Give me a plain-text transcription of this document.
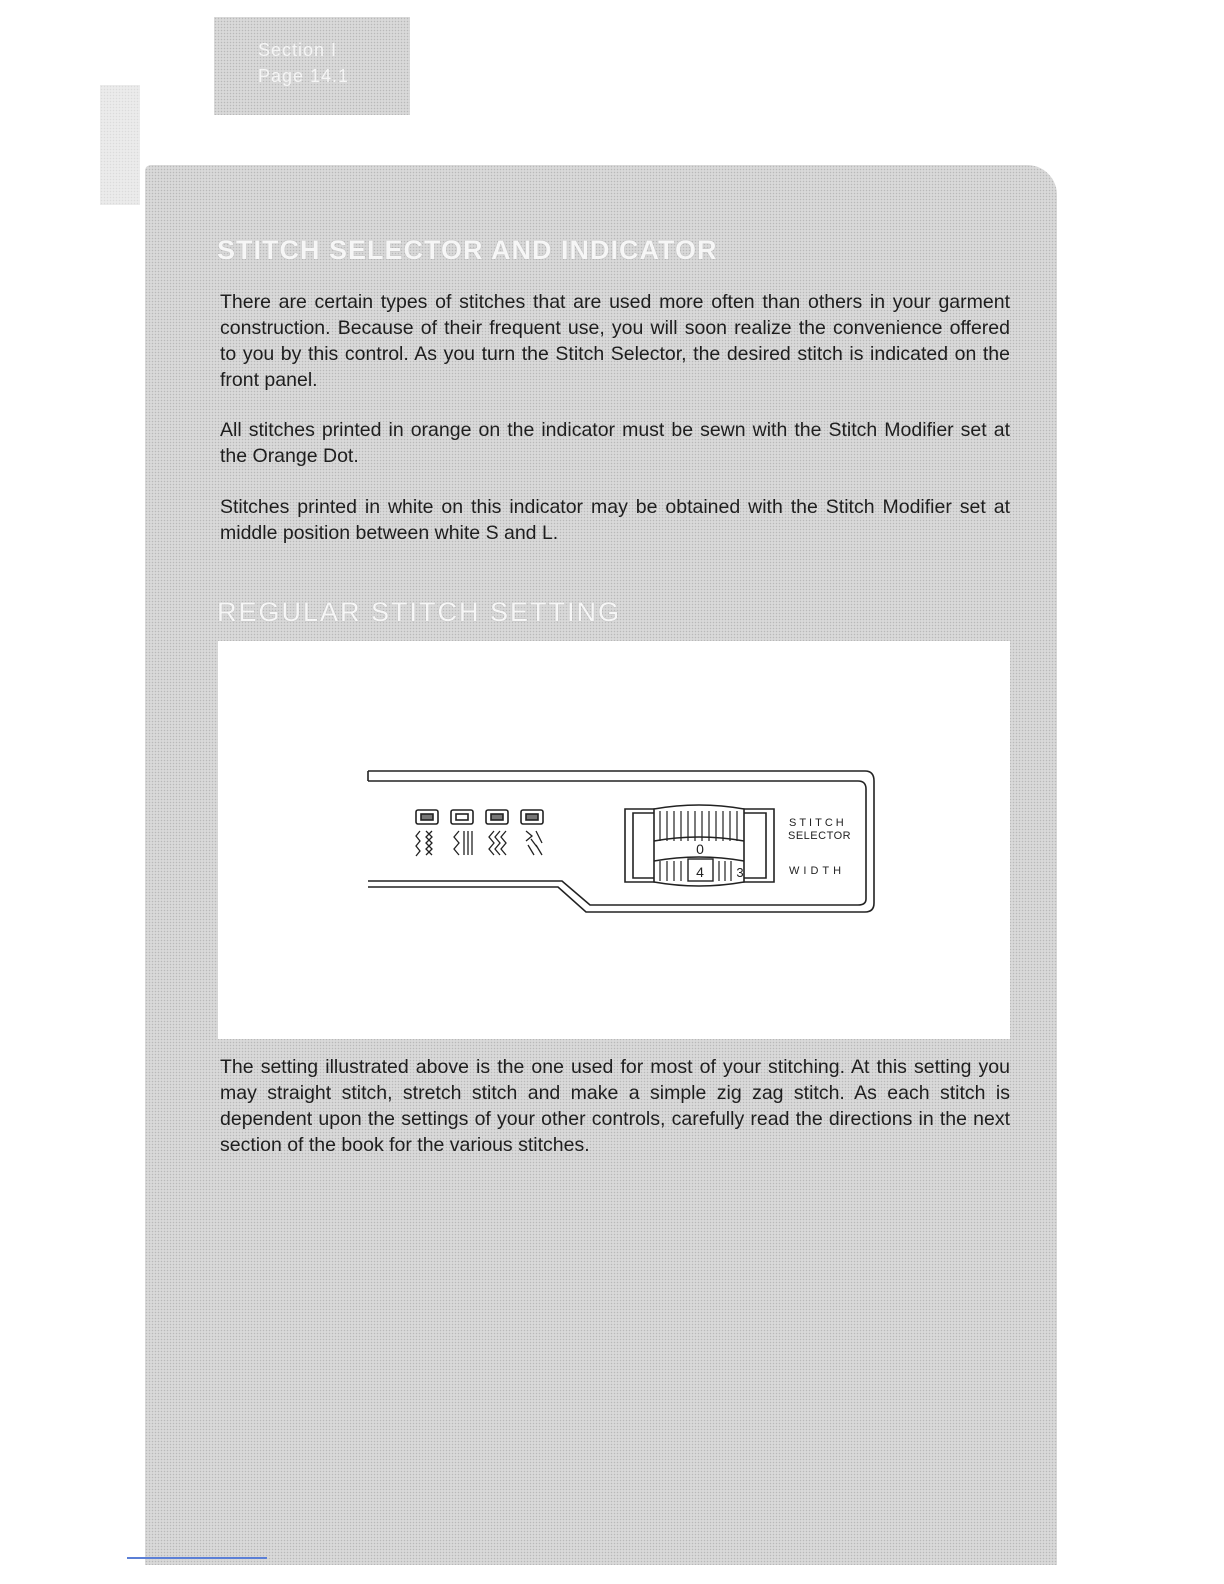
Section I
Page 14.1
STITCH SELECTOR AND INDICATOR

There are certain types of stitches that are used more often than others in your garment construction. Because of their frequent use, you will soon realize the convenience offered to you by this control. As you turn the Stitch Selector, the desired stitch is indicated on the front panel.

All stitches printed in orange on the indicator must be sewn with the Stitch Modifier set at the Orange Dot.

Stitches printed in white on this indicator may be obtained with the Stitch Modifier set at middle position between white S and L.

REGULAR STITCH SETTING
0
4 3
STITCH
SELECTOR
WIDTH

The setting illustrated above is the one used for most of your stitching. At this setting you may straight stitch, stretch stitch and make a simple zig zag stitch. As each stitch is dependent upon the settings of your other controls, carefully read the directions in the next section of the book for the various stitches.
